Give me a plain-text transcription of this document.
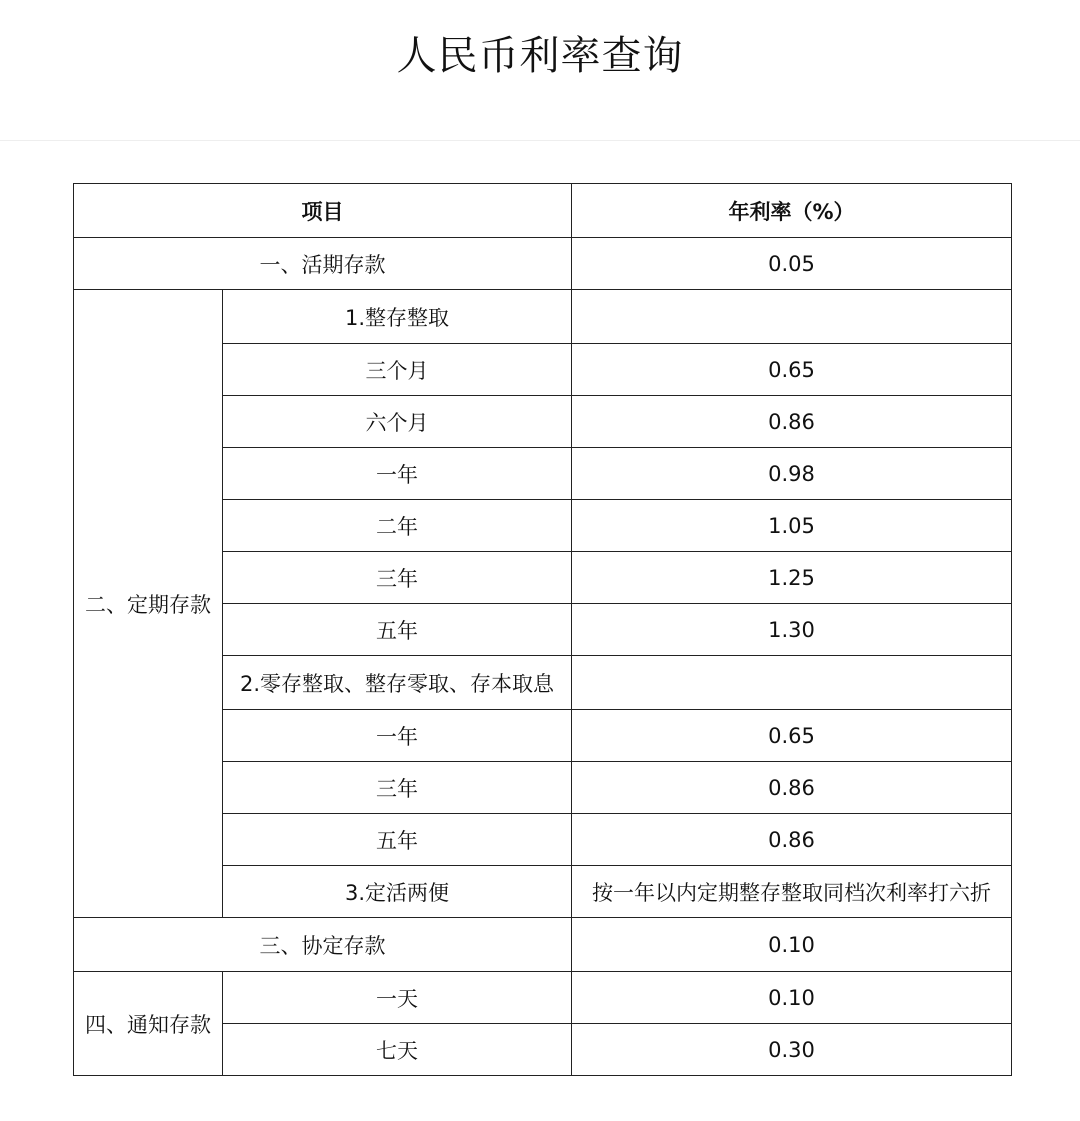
人民币利率查询
项目		年利率（%）
一、活期存款		0.05
二、定期存款	1.整存整取	
	三个月	0.65
	六个月	0.86
	一年	0.98
	二年	1.05
	三年	1.25
	五年	1.30
	2.零存整取、整存零取、存本取息	
	一年	0.65
	三年	0.86
	五年	0.86
	3.定活两便	按一年以内定期整存整取同档次利率打六折
三、协定存款		0.10
四、通知存款	一天	0.10
	七天	0.30
